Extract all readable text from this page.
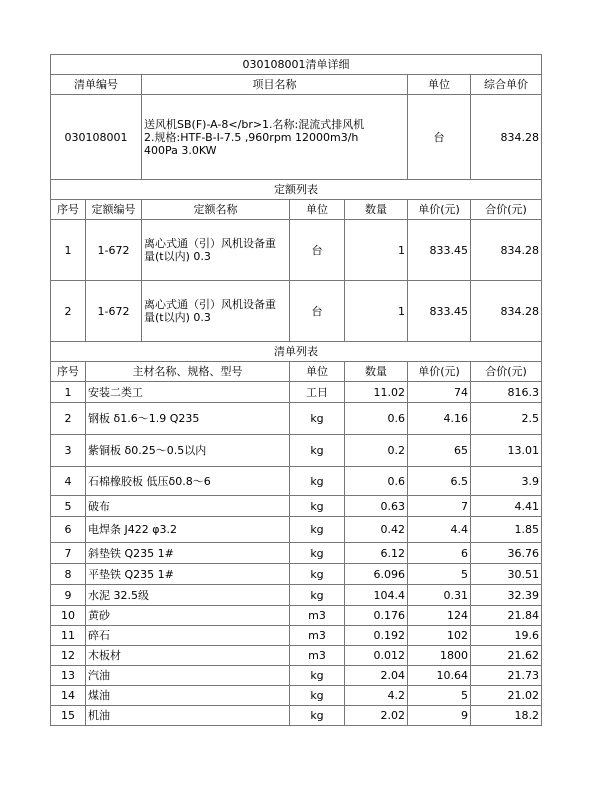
030108001清单详细			
清单编号	项目名称	单位	综合单价
030108001	送风机SB(F)-A-8</br>1.名称:混流式排风机
2.规格:HTF-B-I-7.5 ,960rpm 12000m3/h
400Pa 3.0KW	台	834.28
定额列表						
序号	定额编号	定额名称	单位	数量	单价(元)	合价(元)
1	1-672	离心式通（引）风机设备重
量(t以内) 0.3	台	1	833.45	834.28
2	1-672	离心式通（引）风机设备重
量(t以内) 0.3	台	1	833.45	834.28
清单列表						
序号	主材名称、规格、型号		单位	数量	单价(元)	合价(元)
1	安装二类工		工日	11.02	74	816.3
2	钢板 δ1.6～1.9 Q235		kg	0.6	4.16	2.5
3	紫铜板 δ0.25～0.5以内		kg	0.2	65	13.01
4	石棉橡胶板 低压δ0.8～6		kg	0.6	6.5	3.9
5	破布		kg	0.63	7	4.41
6	电焊条 J422 φ3.2		kg	0.42	4.4	1.85
7	斜垫铁 Q235 1#		kg	6.12	6	36.76
8	平垫铁 Q235 1#		kg	6.096	5	30.51
9	水泥 32.5级		kg	104.4	0.31	32.39
10	黄砂		m3	0.176	124	21.84
11	碎石		m3	0.192	102	19.6
12	木板材		m3	0.012	1800	21.62
13	汽油		kg	2.04	10.64	21.73
14	煤油		kg	4.2	5	21.02
15	机油		kg	2.02	9	18.2
